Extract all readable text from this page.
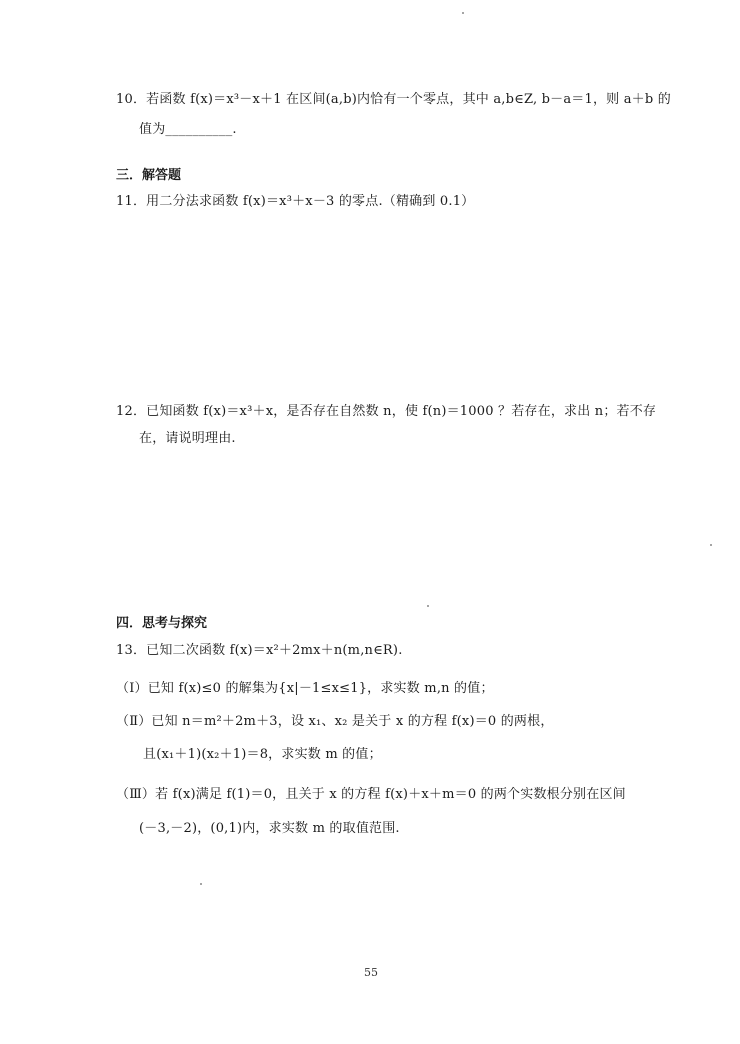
10．若函数 f(x)＝x³－x＋1 在区间(a,b)内恰有一个零点，其中 a,b∈Z, b－a＝1，则 a＋b 的
值为__________.
三．解答题
11．用二分法求函数 f(x)＝x³＋x－3 的零点.（精确到 0.1）
12．已知函数 f(x)＝x³＋x，是否存在自然数 n，使 f(n)＝1000 ？若存在，求出 n；若不存
在，请说明理由.
四．思考与探究
13．已知二次函数 f(x)＝x²＋2mx＋n(m,n∈R).
（Ⅰ）已知 f(x)≤0 的解集为{x|－1≤x≤1}，求实数 m,n 的值；
（Ⅱ）已知 n＝m²＋2m＋3，设 x₁、x₂ 是关于 x 的方程 f(x)＝0 的两根，
且(x₁＋1)(x₂＋1)＝8，求实数 m 的值；
（Ⅲ）若 f(x)满足 f(1)＝0，且关于 x 的方程 f(x)＋x＋m＝0 的两个实数根分别在区间
(－3,－2)，(0,1)内，求实数 m 的取值范围.
55
